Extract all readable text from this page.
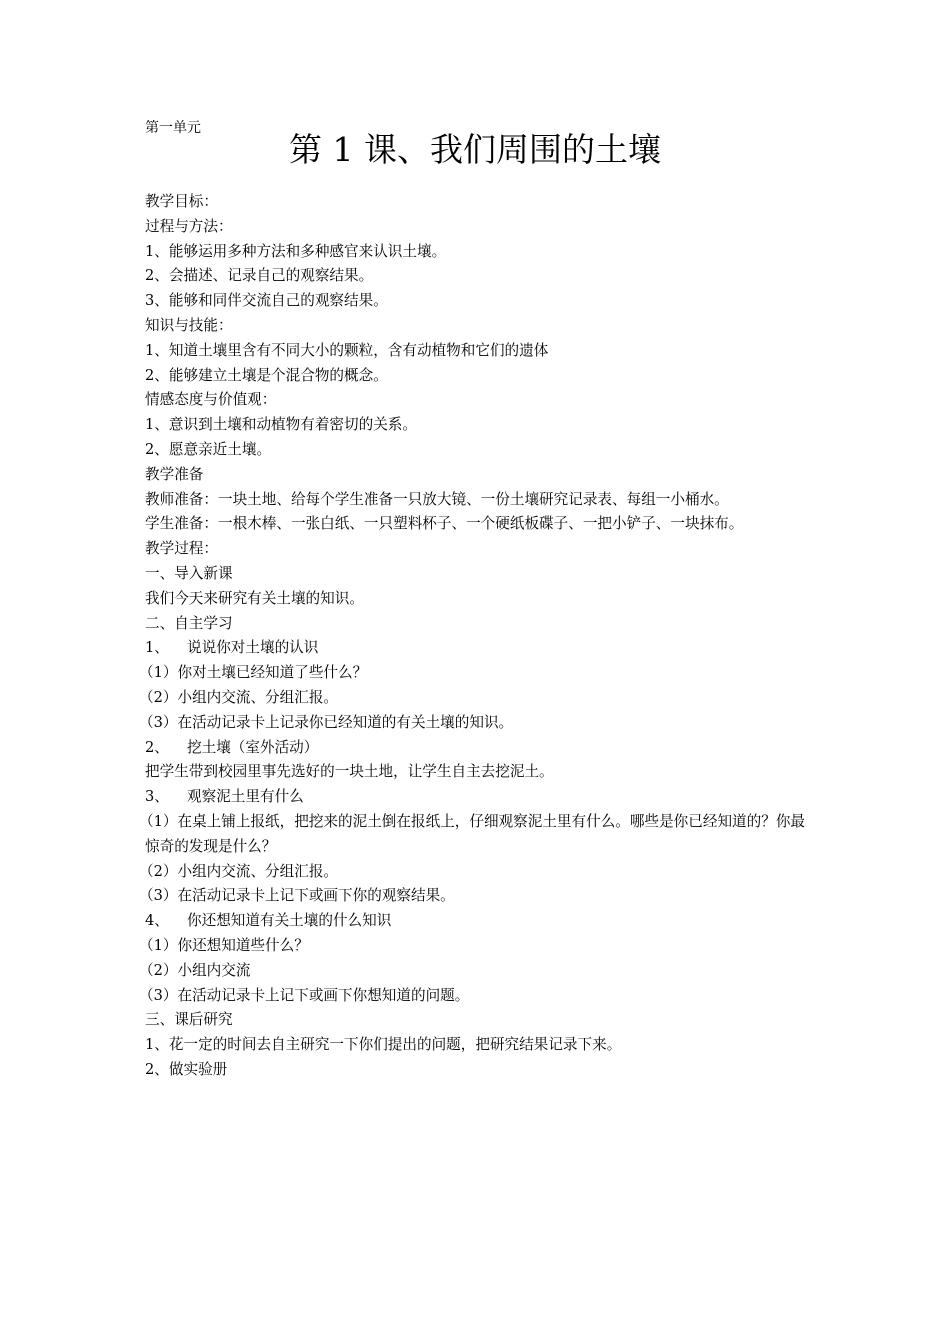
第一单元
第 1 课、我们周围的土壤
教学目标：
过程与方法：
1、能够运用多种方法和多种感官来认识土壤。
2、会描述、记录自己的观察结果。
3、能够和同伴交流自己的观察结果。
知识与技能：
1、知道土壤里含有不同大小的颗粒，含有动植物和它们的遗体
2、能够建立土壤是个混合物的概念。
情感态度与价值观：
1、意识到土壤和动植物有着密切的关系。
2、愿意亲近土壤。
教学准备
教师准备：一块土地、给每个学生准备一只放大镜、一份土壤研究记录表、每组一小桶水。
学生准备：一根木棒、一张白纸、一只塑料杯子、一个硬纸板碟子、一把小铲子、一块抹布。
教学过程：
一、导入新课
我们今天来研究有关土壤的知识。
二、自主学习
1、 说说你对土壤的认识
（1）你对土壤已经知道了些什么？
（2）小组内交流、分组汇报。
（3）在活动记录卡上记录你已经知道的有关土壤的知识。
2、 挖土壤（室外活动）
把学生带到校园里事先选好的一块土地，让学生自主去挖泥土。
3、 观察泥土里有什么
（1）在桌上铺上报纸，把挖来的泥土倒在报纸上，仔细观察泥土里有什么。哪些是你已经知道的？你最惊奇的发现是什么？
（2）小组内交流、分组汇报。
（3）在活动记录卡上记下或画下你的观察结果。
4、 你还想知道有关土壤的什么知识
（1）你还想知道些什么？
（2）小组内交流
（3）在活动记录卡上记下或画下你想知道的问题。
三、课后研究
1、花一定的时间去自主研究一下你们提出的问题，把研究结果记录下来。
2、做实验册
